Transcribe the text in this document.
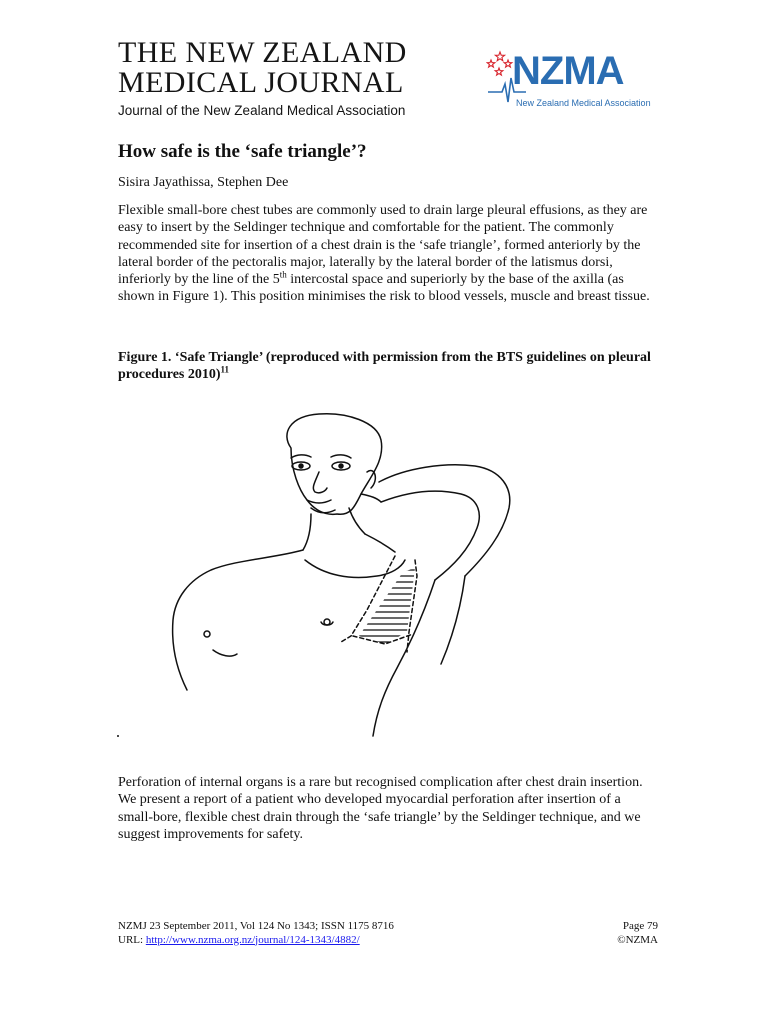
THE NEW ZEALAND
MEDICAL JOURNAL
Journal of the New Zealand Medical Association
NZMA
New Zealand Medical Association
How safe is the ‘safe triangle’?
Sisira Jayathissa, Stephen Dee

Flexible small-bore chest tubes are commonly used to drain large pleural effusions, as they are easy to insert by the Seldinger technique and comfortable for the patient. The commonly recommended site for insertion of a chest drain is the ‘safe triangle’, formed anteriorly by the lateral border of the pectoralis major, laterally by the lateral border of the latismus dorsi, inferiorly by the line of the 5th intercostal space and superiorly by the base of the axilla (as shown in Figure 1). This position minimises the risk to blood vessels, muscle and breast tissue.

Figure 1. ‘Safe Triangle’ (reproduced with permission from the BTS guidelines on pleural procedures 2010)$^{11}$

Perforation of internal organs is a rare but recognised complication after chest drain insertion. We present a report of a patient who developed myocardial perforation after insertion of a small-bore, flexible chest drain through the ‘safe triangle’ by the Seldinger technique, and we suggest improvements for safety.

NZMJ 23 September 2011, Vol 124 No 1343; ISSN 1175 8716	Page 79
URL: http://www.nzma.org.nz/journal/124-1343/4882/	©NZMA
